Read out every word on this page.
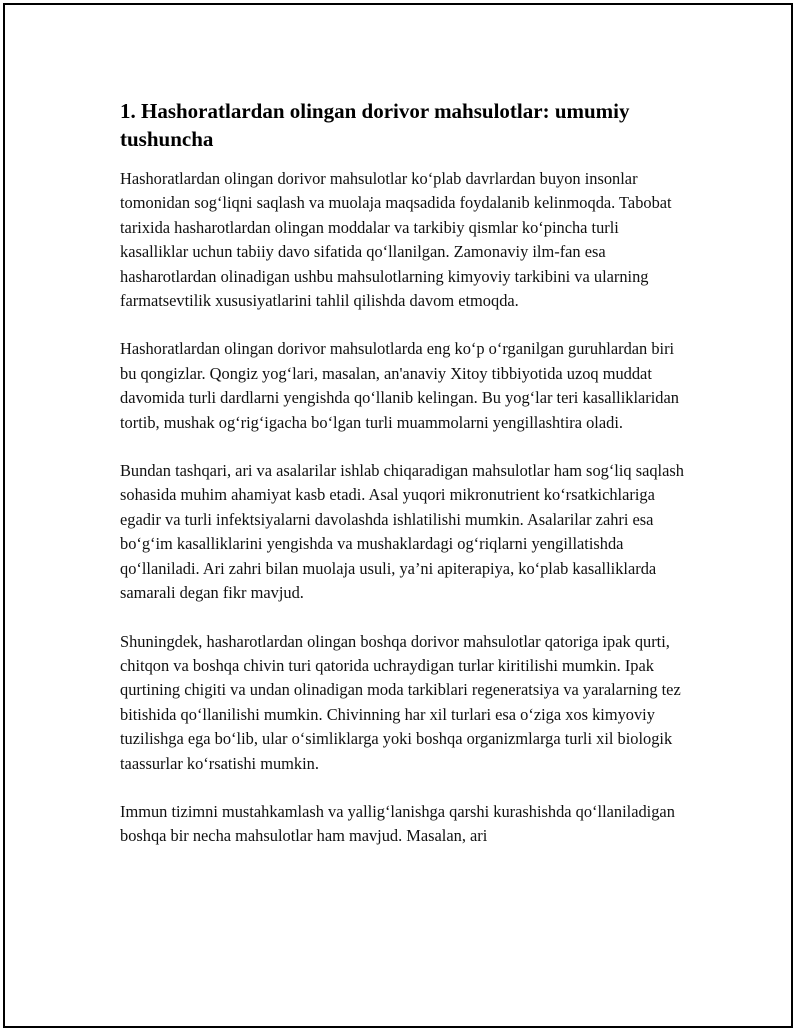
1. Hashoratlardan olingan dorivor mahsulotlar: umumiy tushuncha

Hashoratlardan olingan dorivor mahsulotlar ko‘plab davrlardan buyon insonlar tomonidan sog‘liqni saqlash va muolaja maqsadida foydalanib kelinmoqda. Tabobat tarixida hasharotlardan olingan moddalar va tarkibiy qismlar ko‘pincha turli kasalliklar uchun tabiiy davo sifatida qo‘llanilgan. Zamonaviy ilm-fan esa hasharotlardan olinadigan ushbu mahsulotlarning kimyoviy tarkibini va ularning farmatsevtilik xususiyatlarini tahlil qilishda davom etmoqda.

Hashoratlardan olingan dorivor mahsulotlarda eng ko‘p o‘rganilgan guruhlardan biri bu qongizlar. Qongiz yog‘lari, masalan, an'anaviy Xitoy tibbiyotida uzoq muddat davomida turli dardlarni yengishda qo‘llanib kelingan. Bu yog‘lar teri kasalliklaridan tortib, mushak og‘rig‘igacha bo‘lgan turli muammolarni yengillashtira oladi.

Bundan tashqari, ari va asalarilar ishlab chiqaradigan mahsulotlar ham sog‘liq saqlash sohasida muhim ahamiyat kasb etadi. Asal yuqori mikronutrient ko‘rsatkichlariga egadir va turli infektsiyalarni davolashda ishlatilishi mumkin. Asalarilar zahri esa bo‘g‘im kasalliklarini yengishda va mushaklardagi og‘riqlarni yengillatishda qo‘llaniladi. Ari zahri bilan muolaja usuli, ya’ni apiterapiya, ko‘plab kasalliklarda samarali degan fikr mavjud.

Shuningdek, hasharotlardan olingan boshqa dorivor mahsulotlar qatoriga ipak qurti, chitqon va boshqa chivin turi qatorida uchraydigan turlar kiritilishi mumkin. Ipak qurtining chigiti va undan olinadigan moda tarkiblari regeneratsiya va yaralarning tez bitishida qo‘llanilishi mumkin. Chivinning har xil turlari esa o‘ziga xos kimyoviy tuzilishga ega bo‘lib, ular o‘simliklarga yoki boshqa organizmlarga turli xil biologik taassurlar ko‘rsatishi mumkin.

Immun tizimni mustahkamlash va yallig‘lanishga qarshi kurashishda qo‘llaniladigan boshqa bir necha mahsulotlar ham mavjud. Masalan, ari
